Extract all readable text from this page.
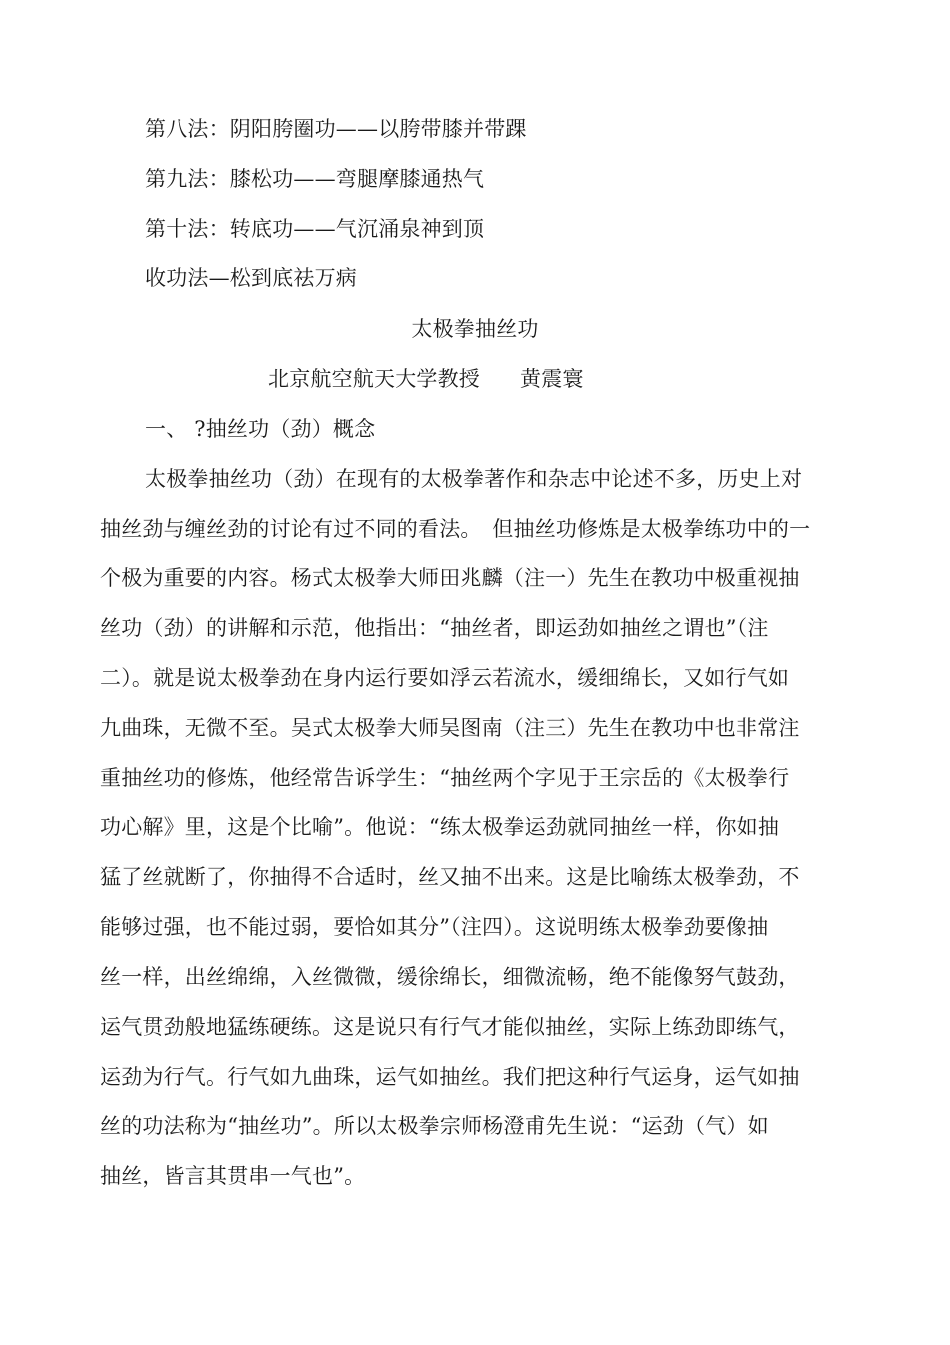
第八法：阴阳胯圈功——以胯带膝并带踝
第九法：膝松功——弯腿摩膝通热气
第十法：转底功——气沉涌泉神到顶
收功法—松到底祛万病
太极拳抽丝功
北京航空航天大学教授 黄震寰
一、 ?抽丝功（劲）概念
太极拳抽丝功（劲）在现有的太极拳著作和杂志中论述不多，历史上对
抽丝劲与缠丝劲的讨论有过不同的看法。　但抽丝功修炼是太极拳练功中的一
个极为重要的内容。杨式太极拳大师田兆麟（注一）先生在教功中极重视抽
丝功（劲）的讲解和示范，他指出：“抽丝者，即运劲如抽丝之谓也”（注
二）。就是说太极拳劲在身内运行要如浮云若流水，缓细绵长，又如行气如
九曲珠，无微不至。吴式太极拳大师吴图南（注三）先生在教功中也非常注
重抽丝功的修炼，他经常告诉学生：“抽丝两个字见于王宗岳的《太极拳行
功心解》里，这是个比喻”。他说：“练太极拳运劲就同抽丝一样，你如抽
猛了丝就断了，你抽得不合适时，丝又抽不出来。这是比喻练太极拳劲，不
能够过强，也不能过弱，要恰如其分”（注四）。这说明练太极拳劲要像抽
丝一样，出丝绵绵，入丝微微，缓徐绵长，细微流畅，绝不能像努气鼓劲，
运气贯劲般地猛练硬练。这是说只有行气才能似抽丝，实际上练劲即练气，
运劲为行气。行气如九曲珠，运气如抽丝。我们把这种行气运身，运气如抽
丝的功法称为“抽丝功”。所以太极拳宗师杨澄甫先生说：“运劲（气）如
抽丝，皆言其贯串一气也”。
